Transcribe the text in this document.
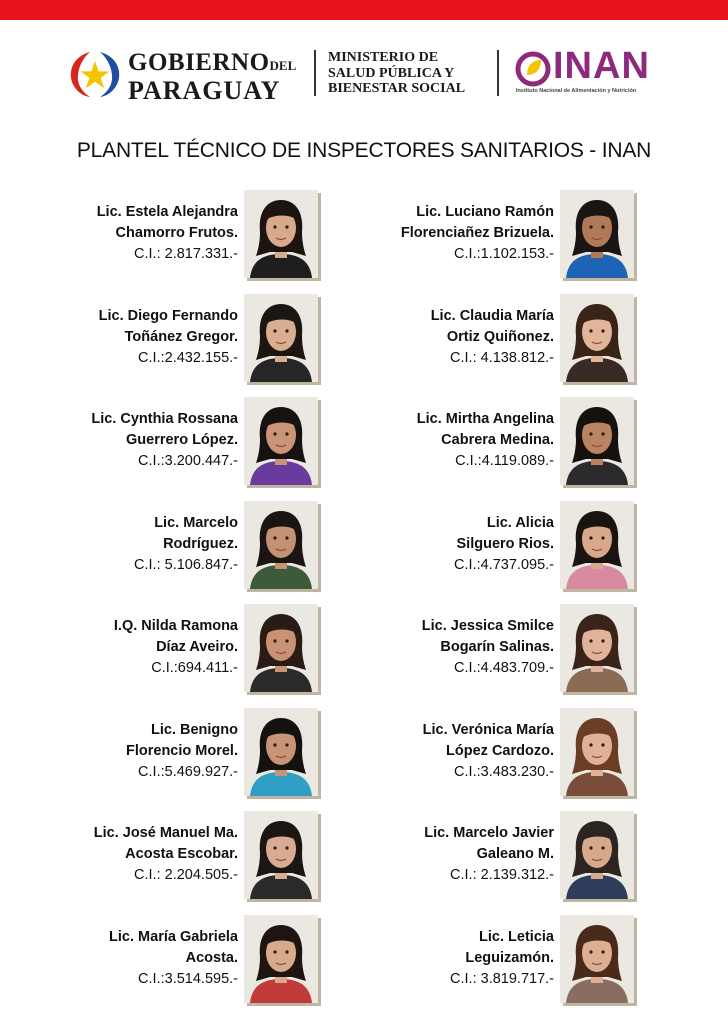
GOBIERNODEL
PARAGUAY
MINISTERIO DE
SALUD PÚBLICA Y
BIENESTAR SOCIAL
INAN
Instituto Nacional de Alimentación y Nutrición
PLANTEL TÉCNICO DE INSPECTORES SANITARIOS - INAN
Lic. Estela Alejandra
Chamorro Frutos.
C.I.: 2.817.331.-
Lic. Luciano Ramón
Florenciañez Brizuela.
C.I.:1.102.153.-
Lic. Diego Fernando
Toñánez Gregor.
C.I.:2.432.155.-
Lic. Claudia María
Ortiz Quiñonez.
C.I.: 4.138.812.-
Lic. Cynthia Rossana
Guerrero López.
C.I.:3.200.447.-
Lic. Mirtha Angelina
Cabrera Medina.
C.I.:4.119.089.-
Lic. Marcelo
Rodríguez.
C.I.: 5.106.847.-
Lic. Alicia
Silguero Rios.
C.I.:4.737.095.-
I.Q. Nilda Ramona
Díaz Aveiro.
C.I.:694.411.-
Lic. Jessica Smilce
Bogarín Salinas.
C.I.:4.483.709.-
Lic. Benigno
Florencio Morel.
C.I.:5.469.927.-
Lic. Verónica María
López Cardozo.
C.I.:3.483.230.-
Lic. José Manuel Ma.
Acosta Escobar.
C.I.: 2.204.505.-
Lic. Marcelo Javier
Galeano M.
C.I.: 2.139.312.-
Lic. María Gabriela
Acosta.
C.I.:3.514.595.-
Lic. Leticia
Leguizamón.
C.I.: 3.819.717.-
